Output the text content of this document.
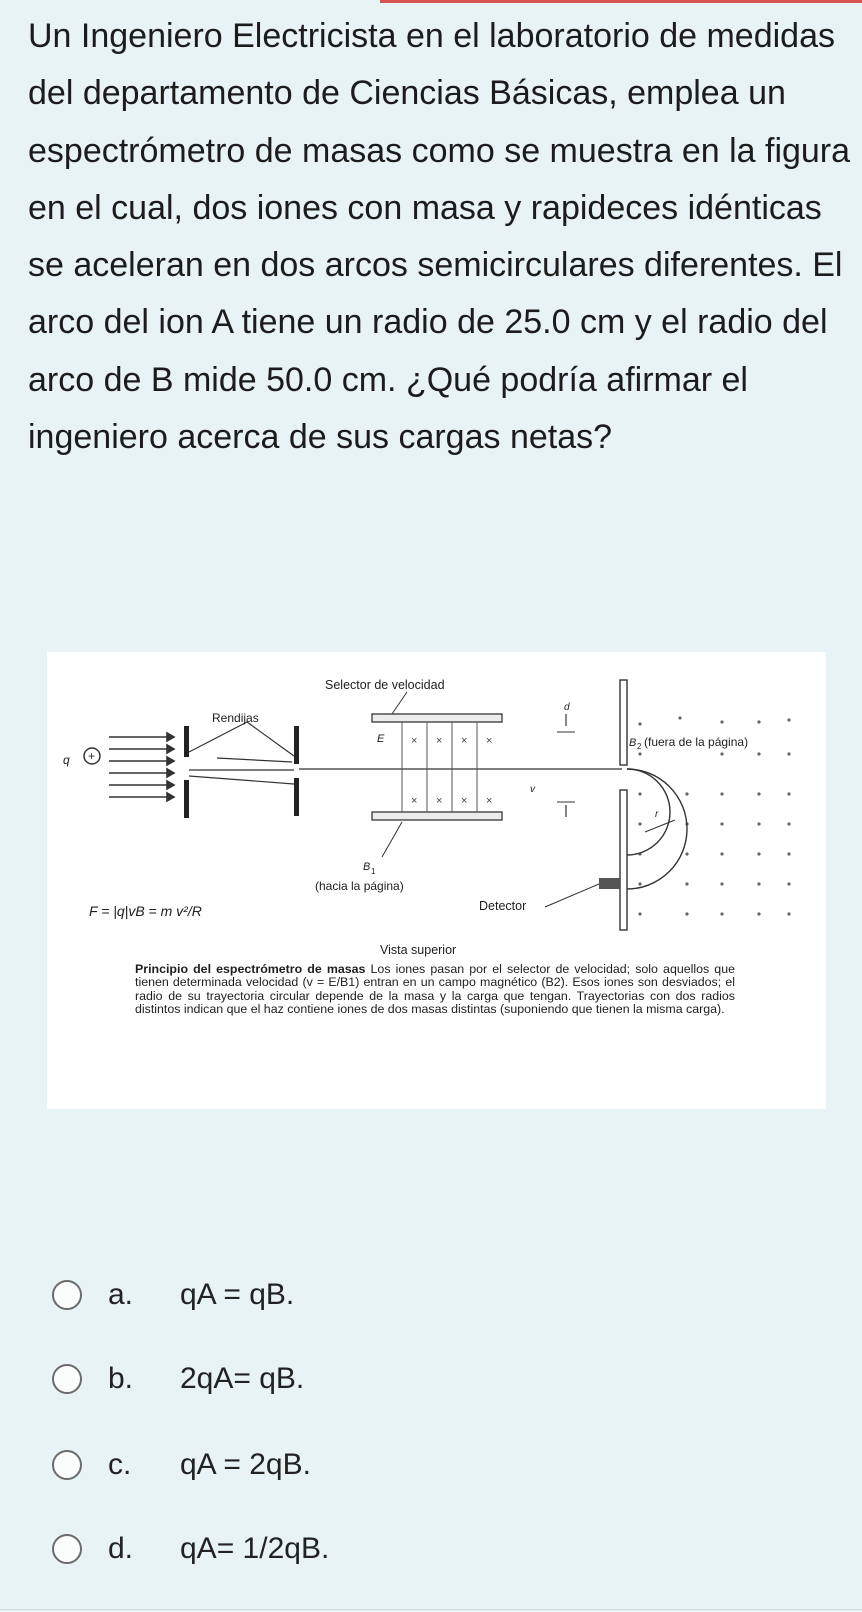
Un Ingeniero Electricista en el laboratorio de medidas del departamento de Ciencias Básicas, emplea un espectrómetro de masas como se muestra en la figura en el cual, dos iones con masa y rapideces idénticas se aceleran en dos arcos semicirculares diferentes. El arco del ion A tiene un radio de 25.0 cm y el radio del arco de B mide 50.0 cm. ¿Qué podría afirmar el ingeniero acerca de sus cargas netas?

q +
Rendijas
Selector de velocidad
E × × × ×
× × × ×
B 1
(hacia la página)
d
B 2 (fuera de la página)
r
v
Detector
F = |q|vB = m v²/R
Vista superior
Principio del espectrómetro de masas Los iones pasan por el selector de velocidad; solo aquellos que tienen determinada velocidad (v = E/B1) entran en un campo magnético (B2). Esos iones son desviados; el radio de su trayectoria circular depende de la masa y la carga que tengan. Trayectorias con dos radios distintos indican que el haz contiene iones de dos masas distintas (suponiendo que tienen la misma carga).
a. qA = qB.
b. 2qA= qB.
c. qA = 2qB.
d. qA= 1/2qB.
